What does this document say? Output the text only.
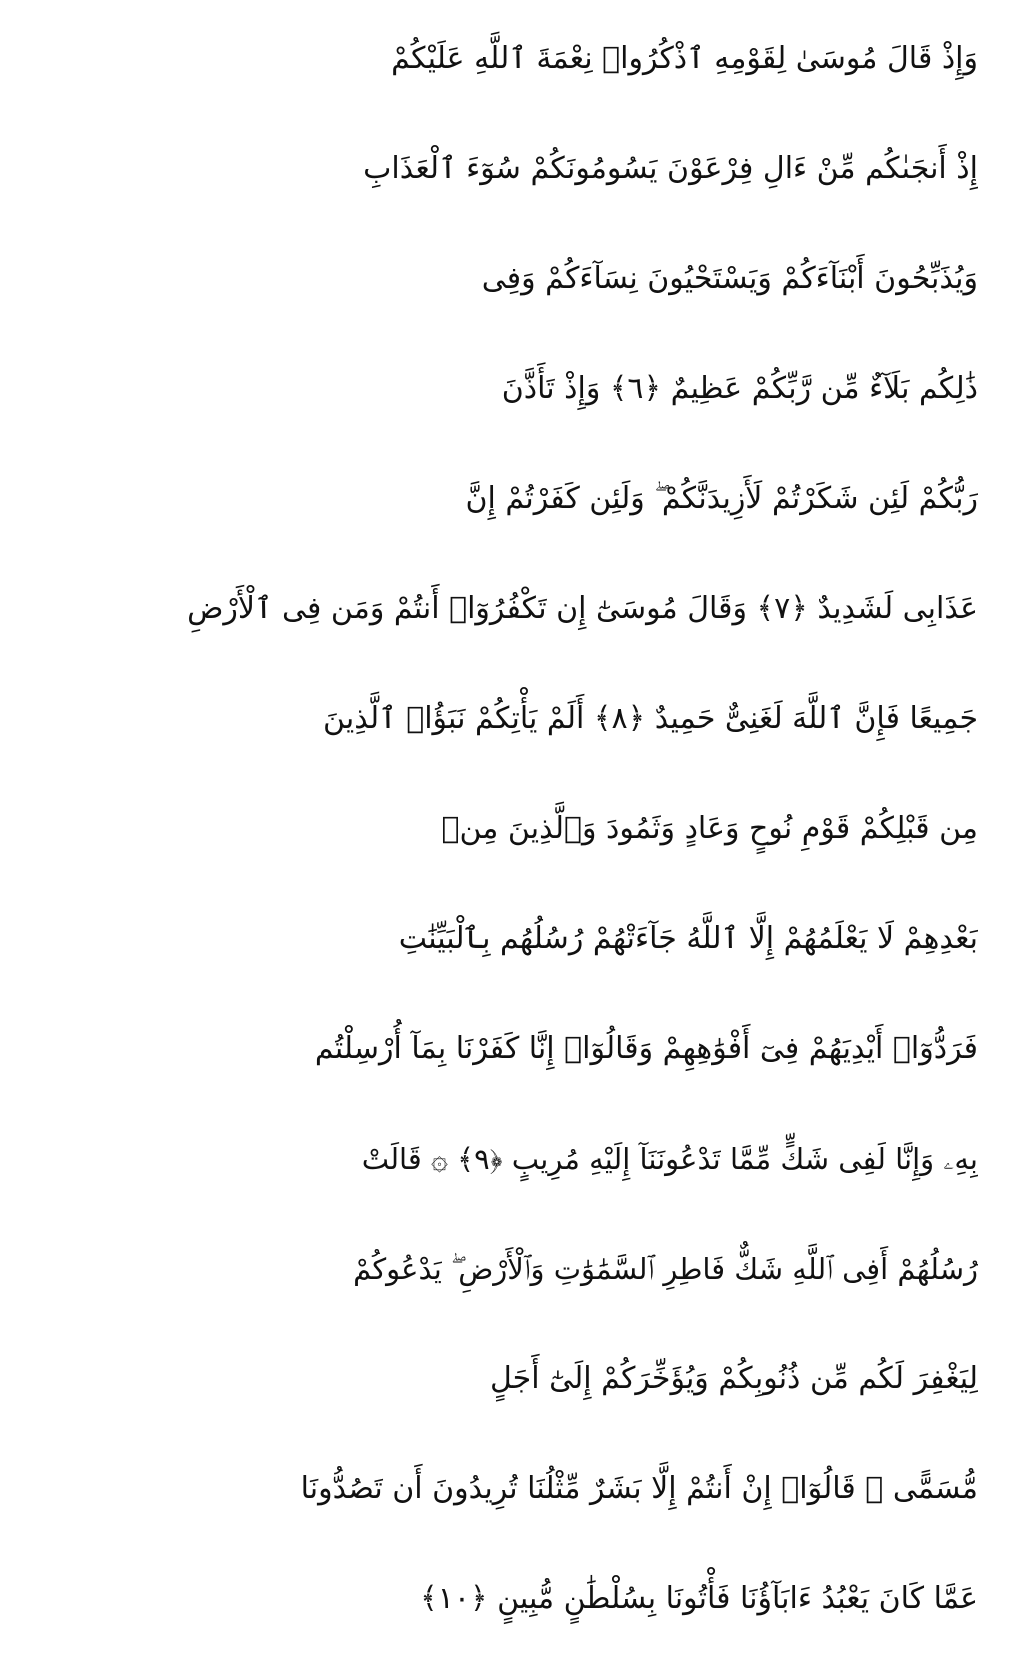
وَإِذْ قَالَ مُوسَىٰ لِقَوْمِهِ ٱذْكُرُوا۟ نِعْمَةَ ٱللَّهِ عَلَيْكُمْ
إِذْ أَنجَىٰكُم مِّنْ ءَالِ فِرْعَوْنَ يَسُومُونَكُمْ سُوٓءَ ٱلْعَذَابِ
وَيُذَبِّحُونَ أَبْنَآءَكُمْ وَيَسْتَحْيُونَ نِسَآءَكُمْ وَفِى
ذَٰلِكُم بَلَآءٌ مِّن رَّبِّكُمْ عَظِيمٌ ﴿٦﴾ وَإِذْ تَأَذَّنَ
رَبُّكُمْ لَئِن شَكَرْتُمْ لَأَزِيدَنَّكُمْ ۖ وَلَئِن كَفَرْتُمْ إِنَّ
عَذَابِى لَشَدِيدٌ ﴿٧﴾ وَقَالَ مُوسَىٰٓ إِن تَكْفُرُوٓا۟ أَنتُمْ وَمَن فِى ٱلْأَرْضِ
جَمِيعًا فَإِنَّ ٱللَّهَ لَغَنِىٌّ حَمِيدٌ ﴿٨﴾ أَلَمْ يَأْتِكُمْ نَبَؤُا۟ ٱلَّذِينَ
مِن قَبْلِكُمْ قَوْمِ نُوحٍ وَعَادٍ وَثَمُودَ وَٱلَّذِينَ مِنۢ
بَعْدِهِمْ لَا يَعْلَمُهُمْ إِلَّا ٱللَّهُ جَآءَتْهُمْ رُسُلُهُم بِٱلْبَيِّنَٰتِ
فَرَدُّوٓا۟ أَيْدِيَهُمْ فِىٓ أَفْوَٰهِهِمْ وَقَالُوٓا۟ إِنَّا كَفَرْنَا بِمَآ أُرْسِلْتُم
بِهِۦ وَإِنَّا لَفِى شَكٍّ مِّمَّا تَدْعُونَنَآ إِلَيْهِ مُرِيبٍ ﴿٩﴾ ۞ قَالَتْ
رُسُلُهُمْ أَفِى ٱللَّهِ شَكٌّ فَاطِرِ ٱلسَّمَٰوَٰتِ وَٱلْأَرْضِ ۖ يَدْعُوكُمْ
لِيَغْفِرَ لَكُم مِّن ذُنُوبِكُمْ وَيُؤَخِّرَكُمْ إِلَىٰٓ أَجَلٍ
مُّسَمًّى ۚ قَالُوٓا۟ إِنْ أَنتُمْ إِلَّا بَشَرٌ مِّثْلُنَا تُرِيدُونَ أَن تَصُدُّونَا
عَمَّا كَانَ يَعْبُدُ ءَابَآؤُنَا فَأْتُونَا بِسُلْطَٰنٍ مُّبِينٍ ﴿١٠﴾
